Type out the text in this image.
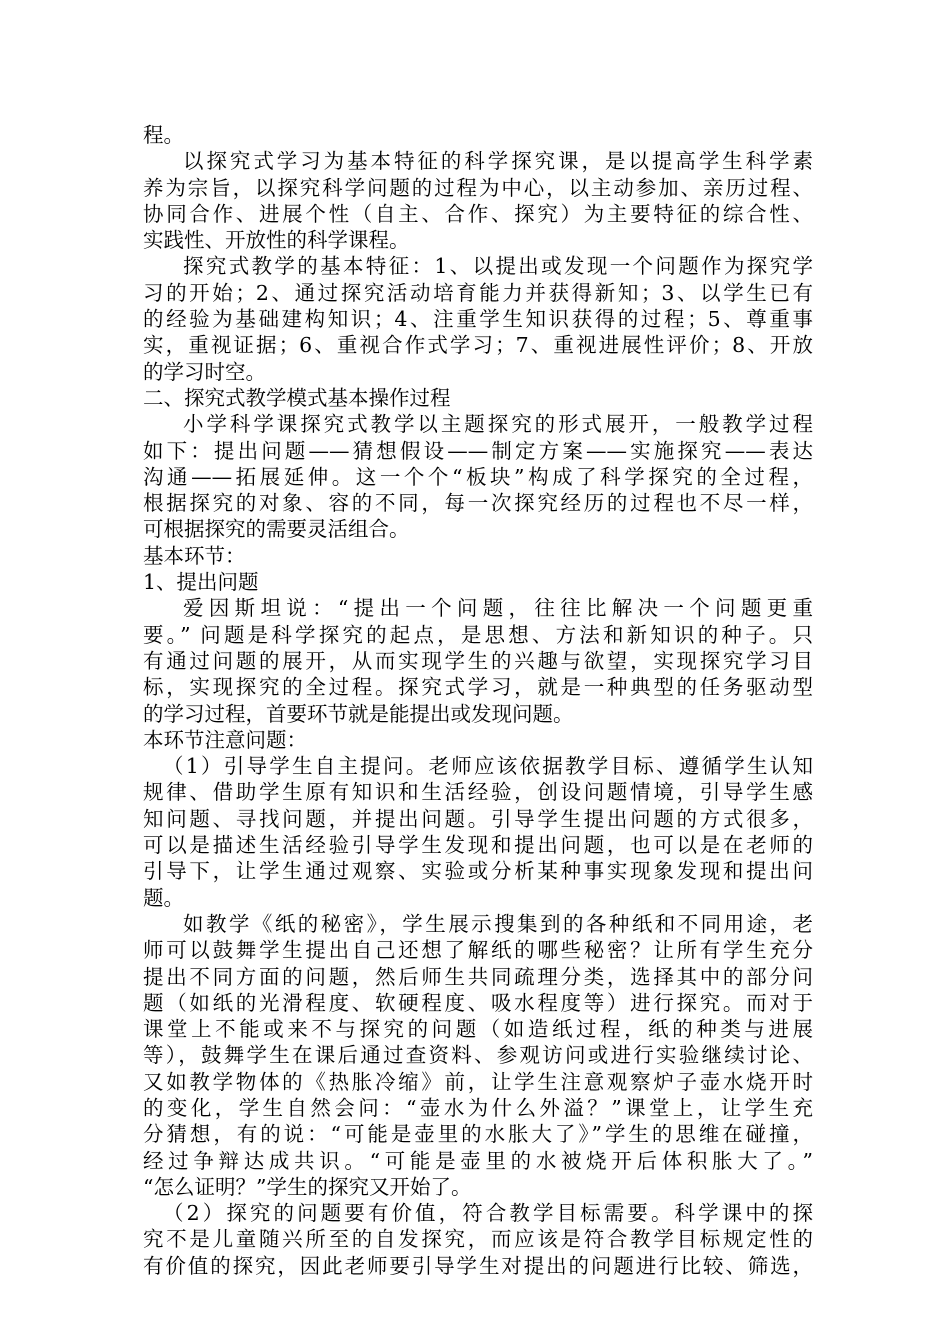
程。
以探究式学习为基本特征的科学探究课，是以提高学生科学素
养为宗旨，以探究科学问题的过程为中心，以主动参加、亲历过程、
协同合作、进展个性（自主、合作、探究）为主要特征的综合性、
实践性、开放性的科学课程。
探究式教学的基本特征：1、以提出或发现一个问题作为探究学
习的开始；2、通过探究活动培育能力并获得新知；3、以学生已有
的经验为基础建构知识；4、注重学生知识获得的过程；5、尊重事
实，重视证据；6、重视合作式学习；7、重视进展性评价；8、开放
的学习时空。
二、探究式教学模式基本操作过程
小学科学课探究式教学以主题探究的形式展开，一般教学过程
如下：提出问题——猜想假设——制定方案——实施探究——表达
沟通——拓展延伸。这一个个“板块”构成了科学探究的全过程，
根据探究的对象、容的不同，每一次探究经历的过程也不尽一样，
可根据探究的需要灵活组合。
基本环节：
1、提出问题
爱因斯坦说：“提出一个问题，往往比解决一个问题更重
要。” 问题是科学探究的起点，是思想、方法和新知识的种子。只
有通过问题的展开，从而实现学生的兴趣与欲望，实现探究学习目
标，实现探究的全过程。探究式学习，就是一种典型的任务驱动型
的学习过程，首要环节就是能提出或发现问题。
本环节注意问题：
（1）引导学生自主提问。老师应该依据教学目标、遵循学生认知
规律、借助学生原有知识和生活经验，创设问题情境，引导学生感
知问题、寻找问题，并提出问题。引导学生提出问题的方式很多，
可以是描述生活经验引导学生发现和提出问题，也可以是在老师的
引导下，让学生通过观察、实验或分析某种事实现象发现和提出问
题。
如教学《纸的秘密》，学生展示搜集到的各种纸和不同用途，老
师可以鼓舞学生提出自己还想了解纸的哪些秘密？让所有学生充分
提出不同方面的问题，然后师生共同疏理分类，选择其中的部分问
题（如纸的光滑程度、软硬程度、吸水程度等）进行探究。而对于
课堂上不能或来不与探究的问题（如造纸过程，纸的种类与进展
等），鼓舞学生在课后通过查资料、参观访问或进行实验继续讨论、
又如教学物体的《热胀冷缩》前，让学生注意观察炉子壶水烧开时
的变化，学生自然会问：“壶水为什么外溢？”课堂上，让学生充
分猜想，有的说：“可能是壶里的水胀大了》”学生的思维在碰撞，
经过争辩达成共识。“可能是壶里的水被烧开后体积胀大了。”
“怎么证明？”学生的探究又开始了。
（2）探究的问题要有价值，符合教学目标需要。科学课中的探
究不是儿童随兴所至的自发探究，而应该是符合教学目标规定性的
有价值的探究，因此老师要引导学生对提出的问题进行比较、筛选，
